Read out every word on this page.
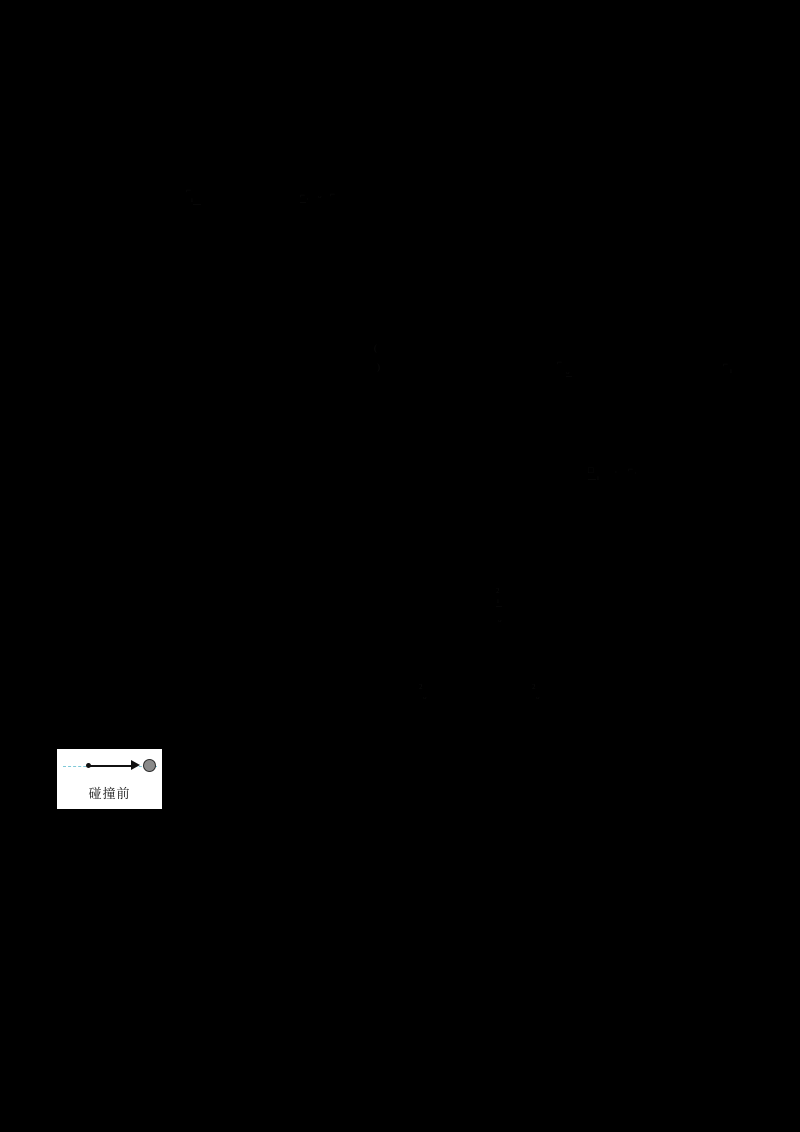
⌐
ı	⌐ ̣ ᴗ ⌐
(
)	⌐
ᴗ
⌐
ı
□
ı
ᶜ ⌐ ̣
2
ı
ᴗ
2
ᴗ
2
ᴗ
碰撞前
